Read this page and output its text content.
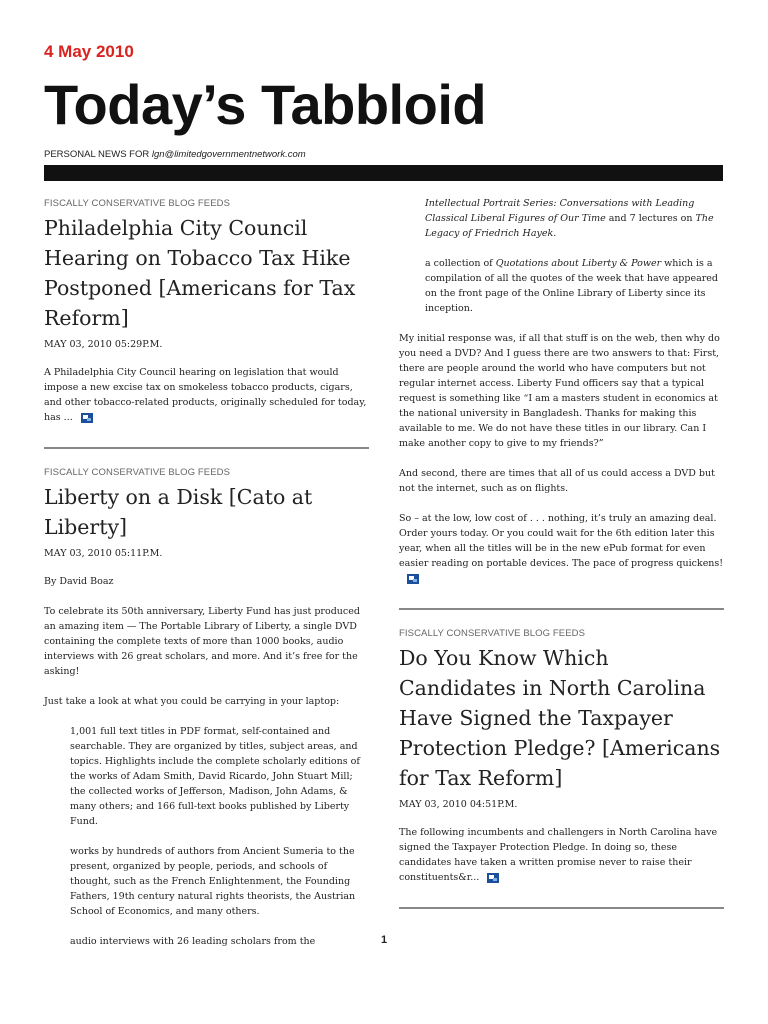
4 May 2010
Today’s Tabbloid
PERSONAL NEWS FOR lgn@limitedgovernmentnetwork.com
FISCALLY CONSERVATIVE BLOG FEEDS
Philadelphia City Council Hearing on Tobacco Tax Hike Postponed [Americans for Tax Reform]
MAY 03, 2010 05:29P.M.

A Philadelphia City Council hearing on legislation that would impose a new excise tax on smokeless tobacco products, cigars, and other tobacco-related products, originally scheduled for today, has ...

FISCALLY CONSERVATIVE BLOG FEEDS
Liberty on a Disk [Cato at Liberty]
MAY 03, 2010 05:11P.M.

By David Boaz

To celebrate its 50th anniversary, Liberty Fund has just produced an amazing item — The Portable Library of Liberty, a single DVD containing the complete texts of more than 1000 books, audio interviews with 26 great scholars, and more. And it’s free for the asking!

Just take a look at what you could be carrying in your laptop:

1,001 full text titles in PDF format, self-contained and searchable. They are organized by titles, subject areas, and topics. Highlights include the complete scholarly editions of the works of Adam Smith, David Ricardo, John Stuart Mill; the collected works of Jefferson, Madison, John Adams, & many others; and 166 full-text books published by Liberty Fund.

works by hundreds of authors from Ancient Sumeria to the present, organized by people, periods, and schools of thought, such as the French Enlightenment, the Founding Fathers, 19th century natural rights theorists, the Austrian School of Economics, and many others.

audio interviews with 26 leading scholars from the

Intellectual Portrait Series: Conversations with Leading Classical Liberal Figures of Our Time and 7 lectures on The Legacy of Friedrich Hayek.

a collection of Quotations about Liberty & Power which is a compilation of all the quotes of the week that have appeared on the front page of the Online Library of Liberty since its inception.

My initial response was, if all that stuff is on the web, then why do you need a DVD? And I guess there are two answers to that: First, there are people around the world who have computers but not regular internet access. Liberty Fund officers say that a typical request is something like “I am a masters student in economics at the national university in Bangladesh. Thanks for making this available to me. We do not have these titles in our library. Can I make another copy to give to my friends?”

And second, there are times that all of us could access a DVD but not the internet, such as on flights.

So – at the low, low cost of . . . nothing, it’s truly an amazing deal. Order yours today. Or you could wait for the 6th edition later this year, when all the titles will be in the new ePub format for even easier reading on portable devices. The pace of progress quickens!

FISCALLY CONSERVATIVE BLOG FEEDS
Do You Know Which Candidates in North Carolina Have Signed the Taxpayer Protection Pledge? [Americans for Tax Reform]
MAY 03, 2010 04:51P.M.

The following incumbents and challengers in North Carolina have signed the Taxpayer Protection Pledge. In doing so, these candidates have taken a written promise never to raise their constituents&r...

1
